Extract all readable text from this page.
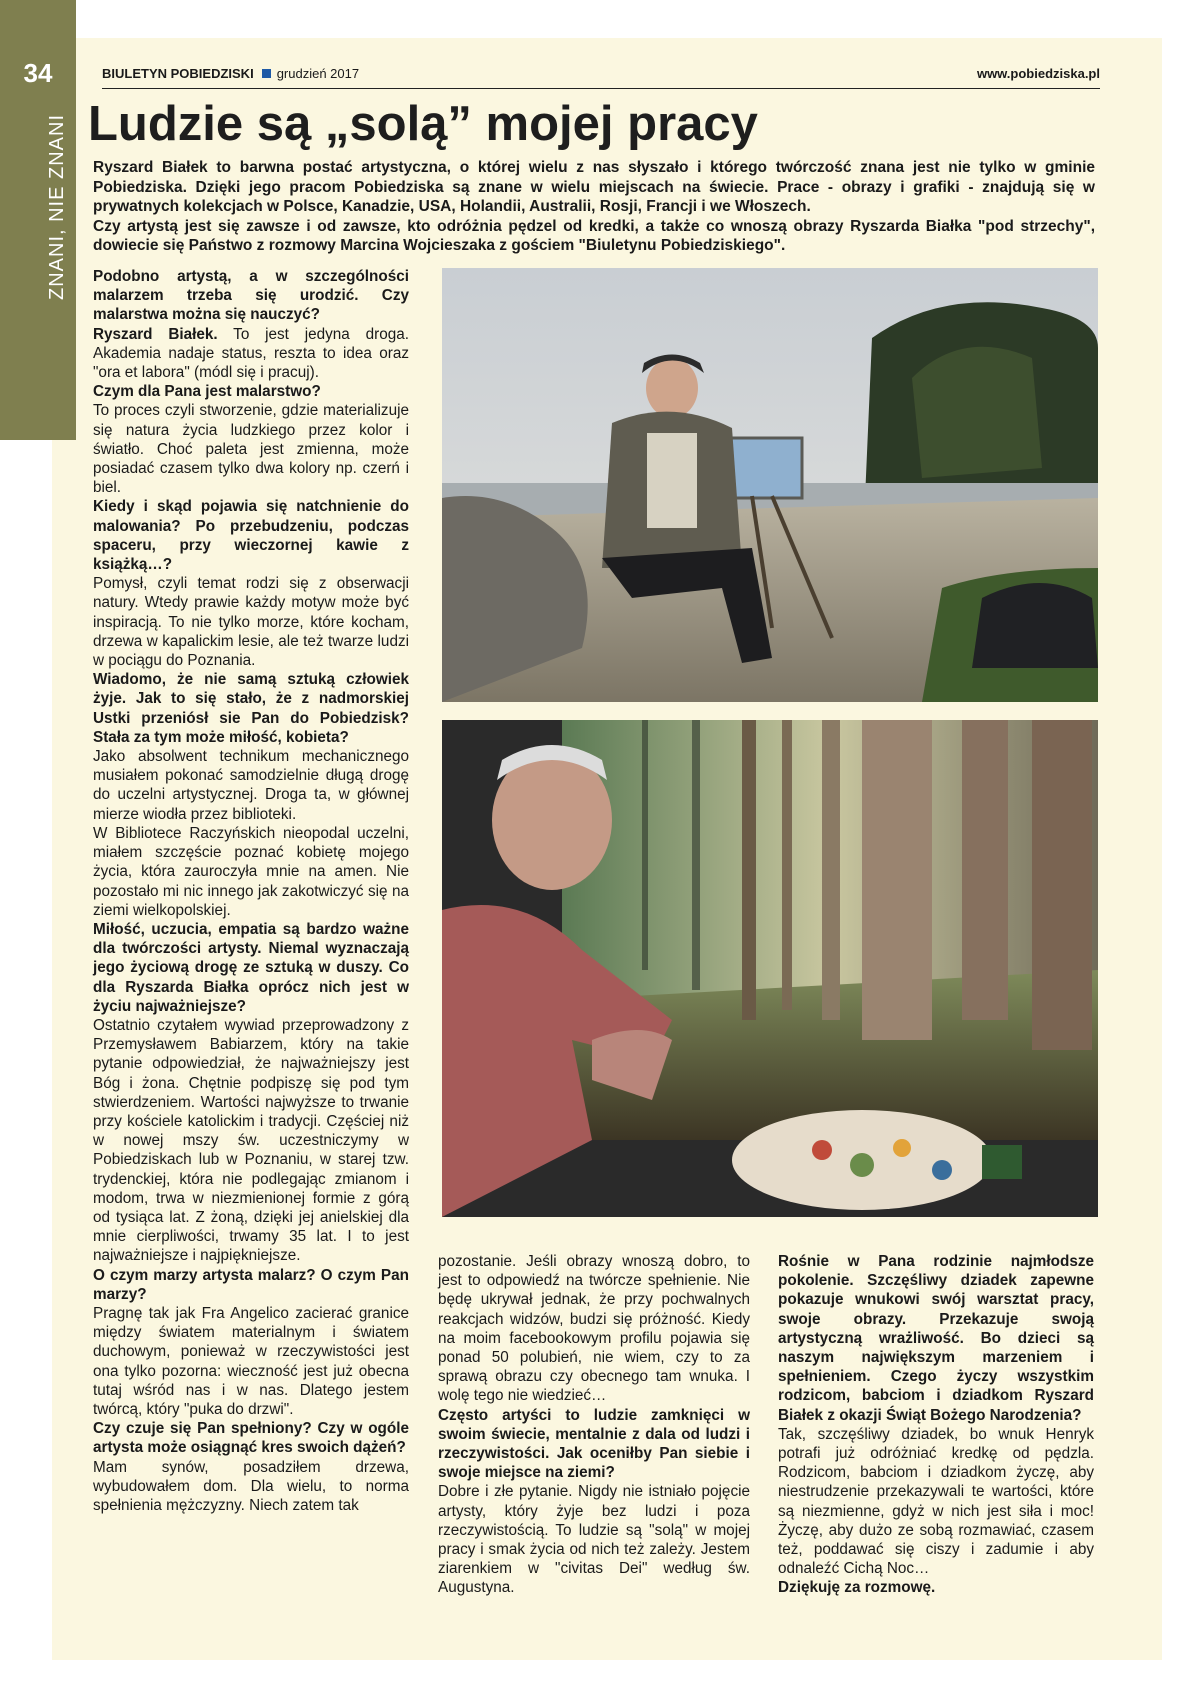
34
ZNANI, NIE ZNANI
BIULETYN POBIEDZISKI grudzień 2017	www.pobiedziska.pl
Ludzie są „solą” mojej pracy

Ryszard Białek to barwna postać artystyczna, o której wielu z nas słyszało i którego twórczość znana jest nie tylko w gminie Pobiedziska. Dzięki jego pracom Pobiedziska są znane w wielu miejscach na świecie. Prace - obrazy i grafiki - znajdują się w prywatnych kolekcjach w Polsce, Kanadzie, USA, Holandii, Australii, Rosji, Francji i we Włoszech.

Czy artystą jest się zawsze i od zawsze, kto odróżnia pędzel od kredki, a także co wnoszą obrazy Ryszarda Białka "pod strzechy", dowiecie się Państwo z rozmowy Marcina Wojcieszaka z gościem "Biuletynu Pobiedziskiego".

Podobno artystą, a w szczególności malarzem trzeba się urodzić. Czy malarstwa można się nauczyć?

Ryszard Białek. To jest jedyna droga. Akademia nadaje status, reszta to idea oraz "ora et labora" (módl się i pracuj).

Czym dla Pana jest malarstwo?

To proces czyli stworzenie, gdzie materializuje się natura życia ludzkiego przez kolor i światło. Choć paleta jest zmienna, może posiadać czasem tylko dwa kolory np. czerń i biel.

Kiedy i skąd pojawia się natchnienie do malowania? Po przebudzeniu, podczas spaceru, przy wieczornej kawie z książką…?

Pomysł, czyli temat rodzi się z obserwacji natury. Wtedy prawie każdy motyw może być inspiracją. To nie tylko morze, które kocham, drzewa w kapalickim lesie, ale też twarze ludzi w pociągu do Poznania.

Wiadomo, że nie samą sztuką człowiek żyje. Jak to się stało, że z nadmorskiej Ustki przeniósł sie Pan do Pobiedzisk? Stała za tym może miłość, kobieta?

Jako absolwent technikum mechanicznego musiałem pokonać samodzielnie długą drogę do uczelni artystycznej. Droga ta, w głównej mierze wiodła przez biblioteki.

W Bibliotece Raczyńskich nieopodal uczelni, miałem szczęście poznać kobietę mojego życia, która zauroczyła mnie na amen. Nie pozostało mi nic innego jak zakotwiczyć się na ziemi wielkopolskiej.

Miłość, uczucia, empatia są bardzo ważne dla twórczości artysty. Niemal wyznaczają jego życiową drogę ze sztuką w duszy. Co dla Ryszarda Białka oprócz nich jest w życiu najważniejsze?

Ostatnio czytałem wywiad przeprowadzony z Przemysławem Babiarzem, który na takie pytanie odpowiedział, że najważniejszy jest Bóg i żona. Chętnie podpiszę się pod tym stwierdzeniem. Wartości najwyższe to trwanie przy kościele katolickim i tradycji. Częściej niż w nowej mszy św. uczestniczymy w Pobiedziskach lub w Poznaniu, w starej tzw. trydenckiej, która nie podlegając zmianom i modom, trwa w niezmienionej formie z górą od tysiąca lat. Z żoną, dzięki jej anielskiej dla mnie cierpliwości, trwamy 35 lat. I to jest najważniejsze i najpiękniejsze.

O czym marzy artysta malarz? O czym Pan marzy?

Pragnę tak jak Fra Angelico zacierać granice między światem materialnym i światem duchowym, ponieważ w rzeczywistości jest ona tylko pozorna: wieczność jest już obecna tutaj wśród nas i w nas. Dlatego jestem twórcą, który "puka do drzwi".

Czy czuje się Pan spełniony? Czy w ogóle artysta może osiągnąć kres swoich dążeń?

Mam synów, posadziłem drzewa, wybudowałem dom. Dla wielu, to norma spełnienia mężczyzny. Niech zatem tak

pozostanie. Jeśli obrazy wnoszą dobro, to jest to odpowiedź na twórcze spełnienie. Nie będę ukrywał jednak, że przy pochwalnych reakcjach widzów, budzi się próżność. Kiedy na moim facebookowym profilu pojawia się ponad 50 polubień, nie wiem, czy to za sprawą obrazu czy obecnego tam wnuka. I wolę tego nie wiedzieć…

Często artyści to ludzie zamknięci w swoim świecie, mentalnie z dala od ludzi i rzeczywistości. Jak oceniłby Pan siebie i swoje miejsce na ziemi?

Dobre i złe pytanie. Nigdy nie istniało pojęcie artysty, który żyje bez ludzi i poza rzeczywistością. To ludzie są "solą" w mojej pracy i smak życia od nich też zależy. Jestem ziarenkiem w "civitas Dei" według św. Augustyna.

Rośnie w Pana rodzinie najmłodsze pokolenie. Szczęśliwy dziadek zapewne pokazuje wnukowi swój warsztat pracy, swoje obrazy. Przekazuje swoją artystyczną wrażliwość. Bo dzieci są naszym największym marzeniem i spełnieniem. Czego życzy wszystkim rodzicom, babciom i dziadkom Ryszard Białek z okazji Świąt Bożego Narodzenia?

Tak, szczęśliwy dziadek, bo wnuk Henryk potrafi już odróżniać kredkę od pędzla. Rodzicom, babciom i dziadkom życzę, aby niestrudzenie przekazywali te wartości, które są niezmienne, gdyż w nich jest siła i moc! Życzę, aby dużo ze sobą rozmawiać, czasem też, poddawać się ciszy i zadumie i aby odnaleźć Cichą Noc…

Dziękuję za rozmowę.
